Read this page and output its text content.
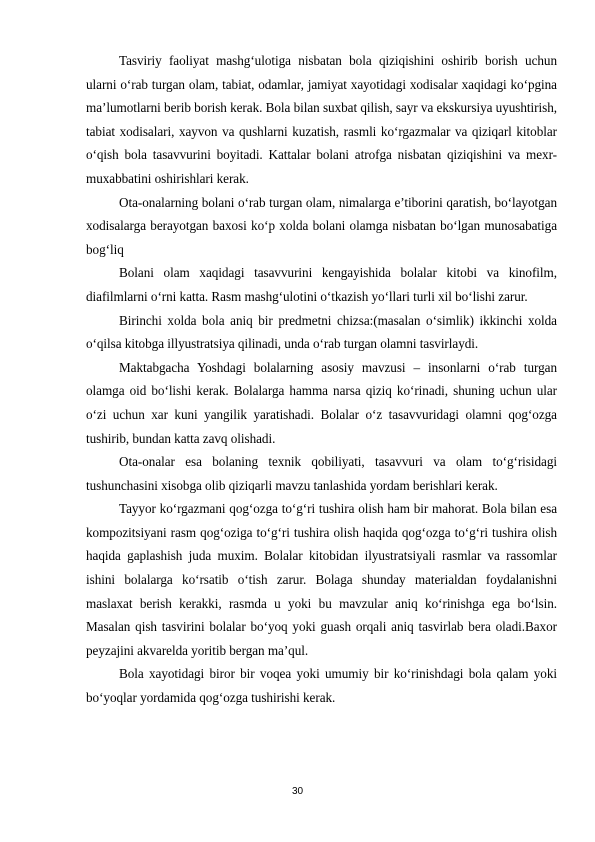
Tasviriy faoliyat mashg‘ulotiga nisbatan bola qiziqishini oshirib borish uchun ularni o‘rab turgan olam, tabiat, odamlar, jamiyat xayotidagi xodisalar xaqidagi ko‘pgina ma’lumotlarni berib borish kerak. Bola bilan suxbat qilish, sayr va ekskursiya uyushtirish, tabiat xodisalari, xayvon va qushlarni kuzatish, rasmli ko‘rgazmalar va qiziqarl kitoblar o‘qish bola tasavvurini boyitadi. Kattalar bolani atrofga nisbatan qiziqishini va mexr-muxabbatini oshirishlari kerak.

Ota-onalarning bolani o‘rab turgan olam, nimalarga e’tiborini qaratish, bo‘layotgan xodisalarga berayotgan baxosi ko‘p xolda bolani olamga nisbatan bo‘lgan munosabatiga bog‘liq

Bolani olam xaqidagi tasavvurini kengayishida bolalar kitobi va kinofilm, diafilmlarni o‘rni katta. Rasm mashg‘ulotini o‘tkazish yo‘llari turli xil bo‘lishi zarur.

Birinchi xolda bola aniq bir predmetni chizsa:(masalan o‘simlik) ikkinchi xolda o‘qilsa kitobga illyustratsiya qilinadi, unda o‘rab turgan olamni tasvirlaydi.

Maktabgacha Yoshdagi bolalarning asosiy mavzusi – insonlarni o‘rab turgan olamga oid bo‘lishi kerak. Bolalarga hamma narsa qiziq ko‘rinadi, shuning uchun ular o‘zi uchun xar kuni yangilik yaratishadi. Bolalar o‘z tasavvuridagi olamni qog‘ozga tushirib, bundan katta zavq olishadi.

Ota-onalar esa bolaning texnik qobiliyati, tasavvuri va olam to‘g‘risidagi tushunchasini xisobga olib qiziqarli mavzu tanlashida yordam berishlari kerak.

Tayyor ko‘rgazmani qog‘ozga to‘g‘ri tushira olish ham bir mahorat. Bola bilan esa kompozitsiyani rasm qog‘oziga to‘g‘ri tushira olish haqida qog‘ozga to‘g‘ri tushira olish haqida gaplashish juda muxim. Bolalar kitobidan ilyustratsiyali rasmlar va rassomlar ishini bolalarga ko‘rsatib o‘tish zarur. Bolaga shunday materialdan foydalanishni maslaxat berish kerakki, rasmda u yoki bu mavzular aniq ko‘rinishga ega bo‘lsin. Masalan qish tasvirini bolalar bo‘yoq yoki guash orqali aniq tasvirlab bera oladi.Baxor peyzajini akvarelda yoritib bergan ma’qul.

Bola xayotidagi biror bir voqea yoki umumiy bir ko‘rinishdagi bola qalam yoki bo‘yoqlar yordamida qog‘ozga tushirishi kerak.

30
